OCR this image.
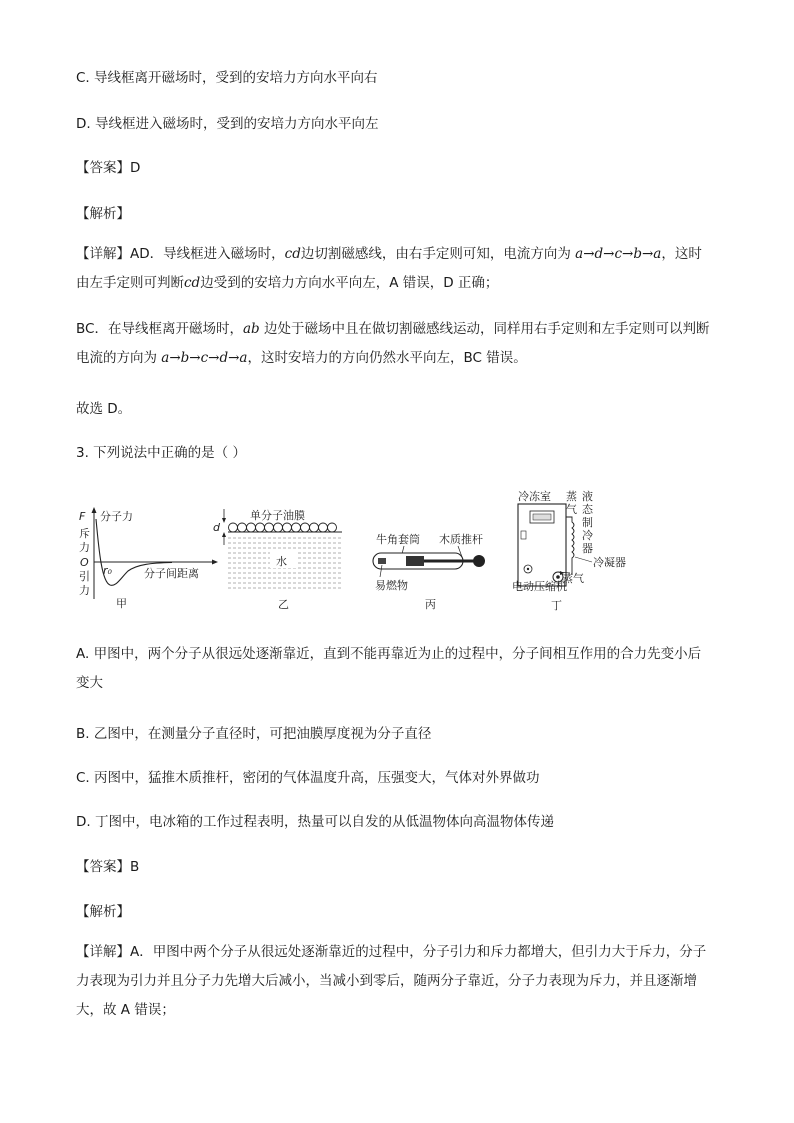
C. 导线框离开磁场时，受到的安培力方向水平向右
D. 导线框进入磁场时，受到的安培力方向水平向左
【答案】D
【解析】
【详解】AD．导线框进入磁场时，cd边切割磁感线，由右手定则可知，电流方向为 a→d→c→b→a，这时
由左手定则可判断cd边受到的安培力方向水平向左，A 错误，D 正确；
BC．在导线框离开磁场时，ab 边处于磁场中且在做切割磁感线运动，同样用右手定则和左手定则可以判断
电流的方向为 a→b→c→d→a，这时安培力的方向仍然水平向左，BC 错误。
故选 D。
3. 下列说法中正确的是（ ）
F 分子力
斥
力
O
引
力
r₀	分子间距离
甲
d
单分子油膜
水
乙
牛角套筒 木质推杆
易燃物
丙
冷冻室 蒸
气
液
态
制
冷
器
冷凝器
蒸气
电动压缩机
丁
A. 甲图中，两个分子从很远处逐渐靠近，直到不能再靠近为止的过程中，分子间相互作用的合力先变小后
变大
B. 乙图中，在测量分子直径时，可把油膜厚度视为分子直径
C. 丙图中，猛推木质推杆，密闭的气体温度升高，压强变大，气体对外界做功
D. 丁图中，电冰箱的工作过程表明，热量可以自发的从低温物体向高温物体传递
【答案】B
【解析】
【详解】A．甲图中两个分子从很远处逐渐靠近的过程中，分子引力和斥力都增大，但引力大于斥力，分子
力表现为引力并且分子力先增大后减小，当减小到零后，随两分子靠近，分子力表现为斥力，并且逐渐增
大，故 A 错误；
